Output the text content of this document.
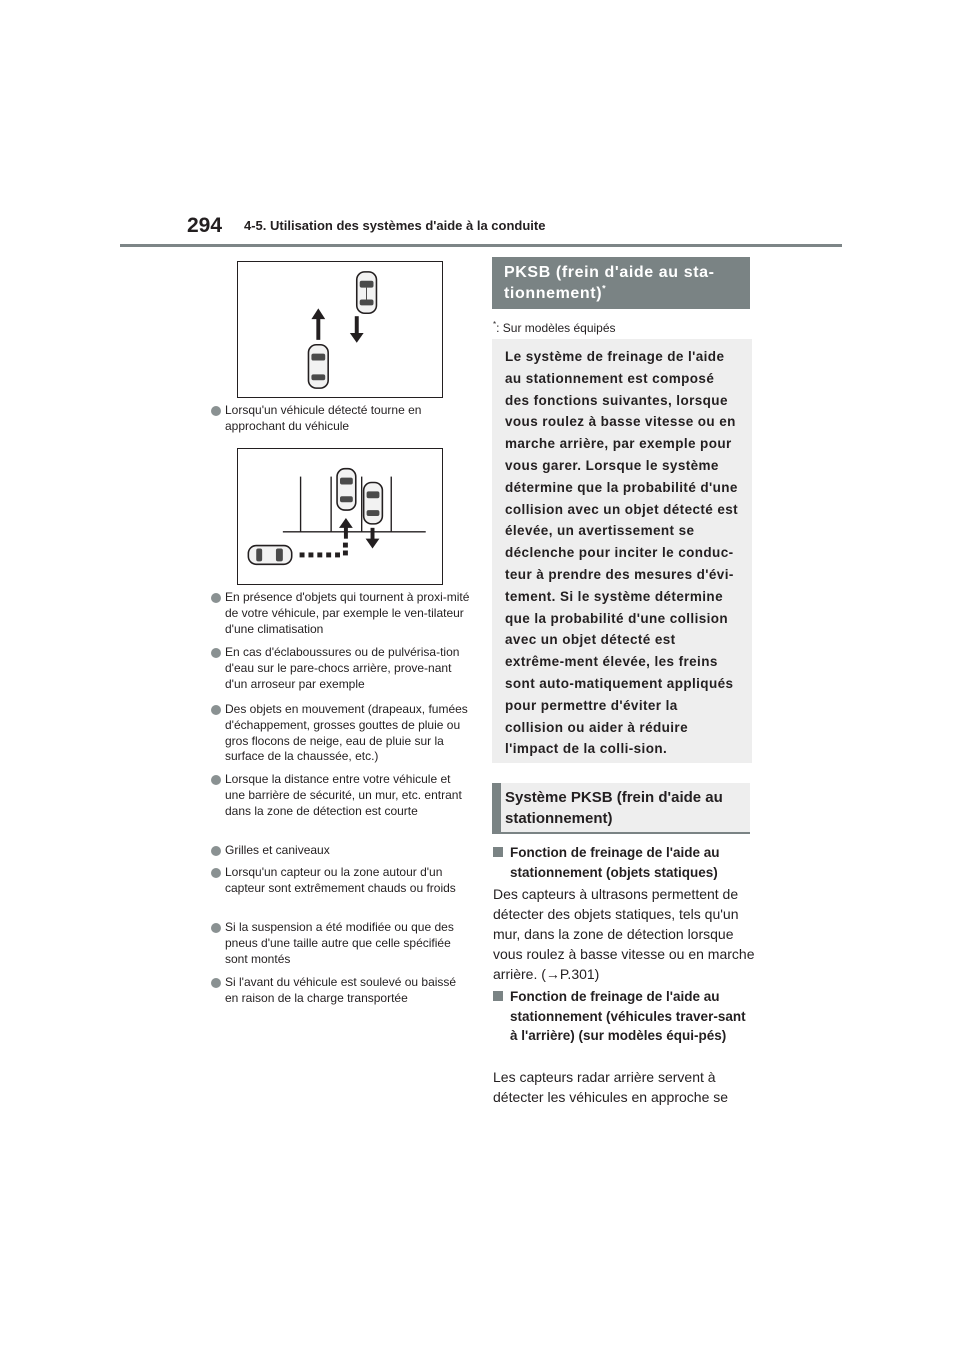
294 4-5. Utilisation des systèmes d'aide à la conduite
Lorsqu'un véhicule détecté tourne en approchant du véhicule
En présence d'objets qui tournent à proxi-mité de votre véhicule, par exemple le ven-tilateur d'une climatisation
En cas d'éclaboussures ou de pulvérisa-tion d'eau sur le pare-chocs arrière, prove-nant d'un arroseur par exemple
Des objets en mouvement (drapeaux, fumées d'échappement, grosses gouttes de pluie ou gros flocons de neige, eau de pluie sur la surface de la chaussée, etc.)
Lorsque la distance entre votre véhicule et une barrière de sécurité, un mur, etc. entrant dans la zone de détection est courte
Grilles et caniveaux
Lorsqu'un capteur ou la zone autour d'un capteur sont extrêmement chauds ou froids
Si la suspension a été modifiée ou que des pneus d'une taille autre que celle spécifiée sont montés
Si l'avant du véhicule est soulevé ou baissé en raison de la charge transportée
PKSB (frein d'aide au sta-tionnement)*
*: Sur modèles équipés
Le système de freinage de l'aide au stationnement est composé des fonctions suivantes, lorsque vous roulez à basse vitesse ou en marche arrière, par exemple pour vous garer. Lorsque le système détermine que la probabilité d'une collision avec un objet détecté est élevée, un avertissement se déclenche pour inciter le conduc-teur à prendre des mesures d'évi-tement. Si le système détermine que la probabilité d'une collision avec un objet détecté est extrême-ment élevée, les freins sont auto-matiquement appliqués pour permettre d'éviter la collision ou aider à réduire l'impact de la colli-sion.
Système PKSB (frein d'aide au stationnement)
Fonction de freinage de l'aide au stationnement (objets statiques)
Des capteurs à ultrasons permettent de détecter des objets statiques, tels qu'un mur, dans la zone de détection lorsque vous roulez à basse vitesse ou en marche arrière. (→P.301)
Fonction de freinage de l'aide au stationnement (véhicules traver-sant à l'arrière) (sur modèles équi-pés)
Les capteurs radar arrière servent à détecter les véhicules en approche se
